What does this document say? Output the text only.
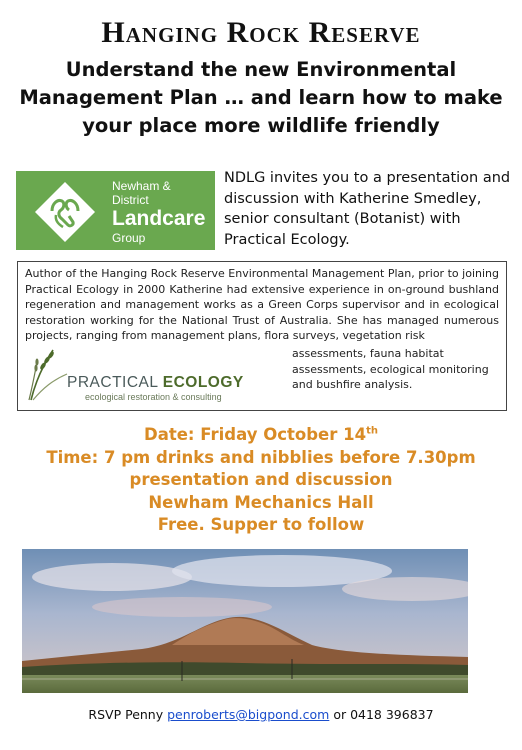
Hanging Rock Reserve
Understand the new Environmental
Management Plan … and learn how to make
your place more wildlife friendly
Newham &
District
Landcare
Group
NDLG invites you to a presentation and discussion with Katherine Smedley, senior consultant (Botanist) with Practical Ecology.
Author of the Hanging Rock Reserve Environmental Management Plan, prior to joining Practical Ecology in 2000 Katherine had extensive experience in on-ground bushland regeneration and management works as a Green Corps supervisor and in ecological restoration working for the National Trust of Australia. She has managed numerous projects, ranging from management plans, flora surveys, vegetation risk
PRACTICAL ECOLOGY
ecological restoration & consulting
assessments, fauna habitat assessments, ecological monitoring and bushfire analysis.
Date: Friday October 14th
Time: 7 pm drinks and nibblies before 7.30pm
presentation and discussion
Newham Mechanics Hall
Free. Supper to follow
RSVP Penny penroberts@bigpond.com or 0418 396837
